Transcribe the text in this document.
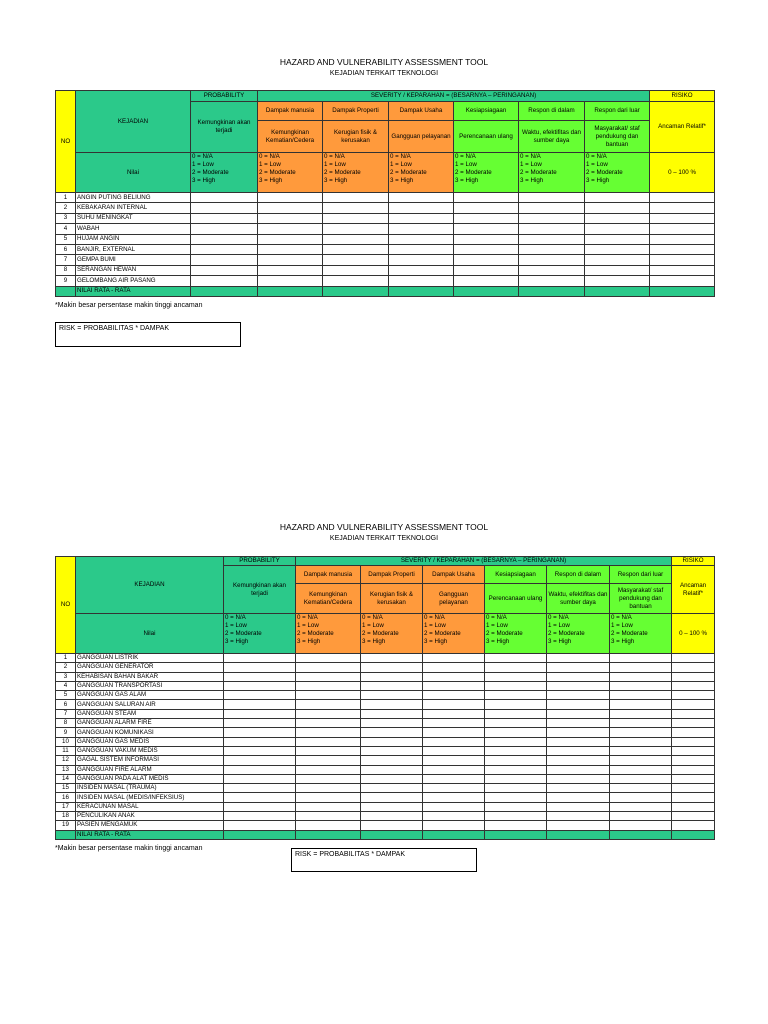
HAZARD AND VULNERABILITY ASSESSMENT TOOL
KEJADIAN TERKAIT TEKNOLOGI
NO	KEJADIAN	PROBABILITY	SEVERITY / KEPARAHAN = (BESARNYA – PERINGANAN)						RISIKO
		Kemungkinan akan terjadi	Dampak manusia	Dampak Properti	Dampak Usaha	Kesiapsiagaan	Respon di dalam	Respon dari luar	Ancaman Relatif*
			Kemungkinan Kematian/Cedera	Kerugian fisik & kerusakan	Gangguan pelayanan	Perencanaan ulang	Waktu, efektifitas dan sumber daya	Masyarakat/ staf pendukung dan bantuan	
	Nilai	0 = N/A
1 = Low
2 = Moderate
3 = High	0 = N/A
1 = Low
2 = Moderate
3 = High	0 = N/A
1 = Low
2 = Moderate
3 = High	0 = N/A
1 = Low
2 = Moderate
3 = High	0 = N/A
1 = Low
2 = Moderate
3 = High	0 = N/A
1 = Low
2 = Moderate
3 = High	0 = N/A
1 = Low
2 = Moderate
3 = High	0 – 100 %
1	ANGIN PUTING BELIUNG								
2	KEBAKARAN INTERNAL								
3	SUHU MENINGKAT								
4	WABAH								
5	HUJAM ANGIN								
6	BANJIR, EXTERNAL								
7	GEMPA BUMI								
8	SERANGAN HEWAN								
9	GELOMBANG AIR PASANG								
	NILAI RATA - RATA								
*Makin besar persentase makin tinggi ancaman
RISK = PROBABILITAS * DAMPAK
HAZARD AND VULNERABILITY ASSESSMENT TOOL
KEJADIAN TERKAIT TEKNOLOGI
NO	KEJADIAN	PROBABILITY	SEVERITY / KEPARAHAN = (BESARNYA – PERINGANAN)						RISIKO
		Kemungkinan akan terjadi	Dampak manusia	Dampak Properti	Dampak Usaha	Kesiapsiagaan	Respon di dalam	Respon dari luar	Ancaman Relatif*
			Kemungkinan Kematian/Cedera	Kerugian fisik & kerusakan	Gangguan pelayanan	Perencanaan ulang	Waktu, efektifitas dan sumber daya	Masyarakat/ staf pendukung dan bantuan	
	Nilai	0 = N/A
1 = Low
2 = Moderate
3 = High	0 = N/A
1 = Low
2 = Moderate
3 = High	0 = N/A
1 = Low
2 = Moderate
3 = High	0 = N/A
1 = Low
2 = Moderate
3 = High	0 = N/A
1 = Low
2 = Moderate
3 = High	0 = N/A
1 = Low
2 = Moderate
3 = High	0 = N/A
1 = Low
2 = Moderate
3 = High	0 – 100 %
1	GANGGUAN LISTRIK								
2	GANGGUAN GENERATOR								
3	KEHABISAN BAHAN BAKAR								
4	GANGGUAN TRANSPORTASI								
5	GANGGUAN GAS ALAM								
6	GANGGUAN SALURAN AIR								
7	GANGGUAN STEAM								
8	GANGGUAN ALARM FIRE								
9	GANGGUAN KOMUNIKASI								
10	GANGGUAN GAS MEDIS								
11	GANGGUAN VAKUM MEDIS								
12	GAGAL SISTEM INFORMASI								
13	GANGGUAN FIRE ALARM								
14	GANGGUAN PADA ALAT MEDIS								
15	INSIDEN MASAL (TRAUMA)								
16	INSIDEN MASAL (MEDIS/INFEKSIUS)								
17	KERACUNAN MASAL								
18	PENCULIKAN ANAK								
19	PASIEN MENGAMUK								
	NILAI RATA - RATA								
*Makin besar persentase makin tinggi ancaman
RISK = PROBABILITAS * DAMPAK
